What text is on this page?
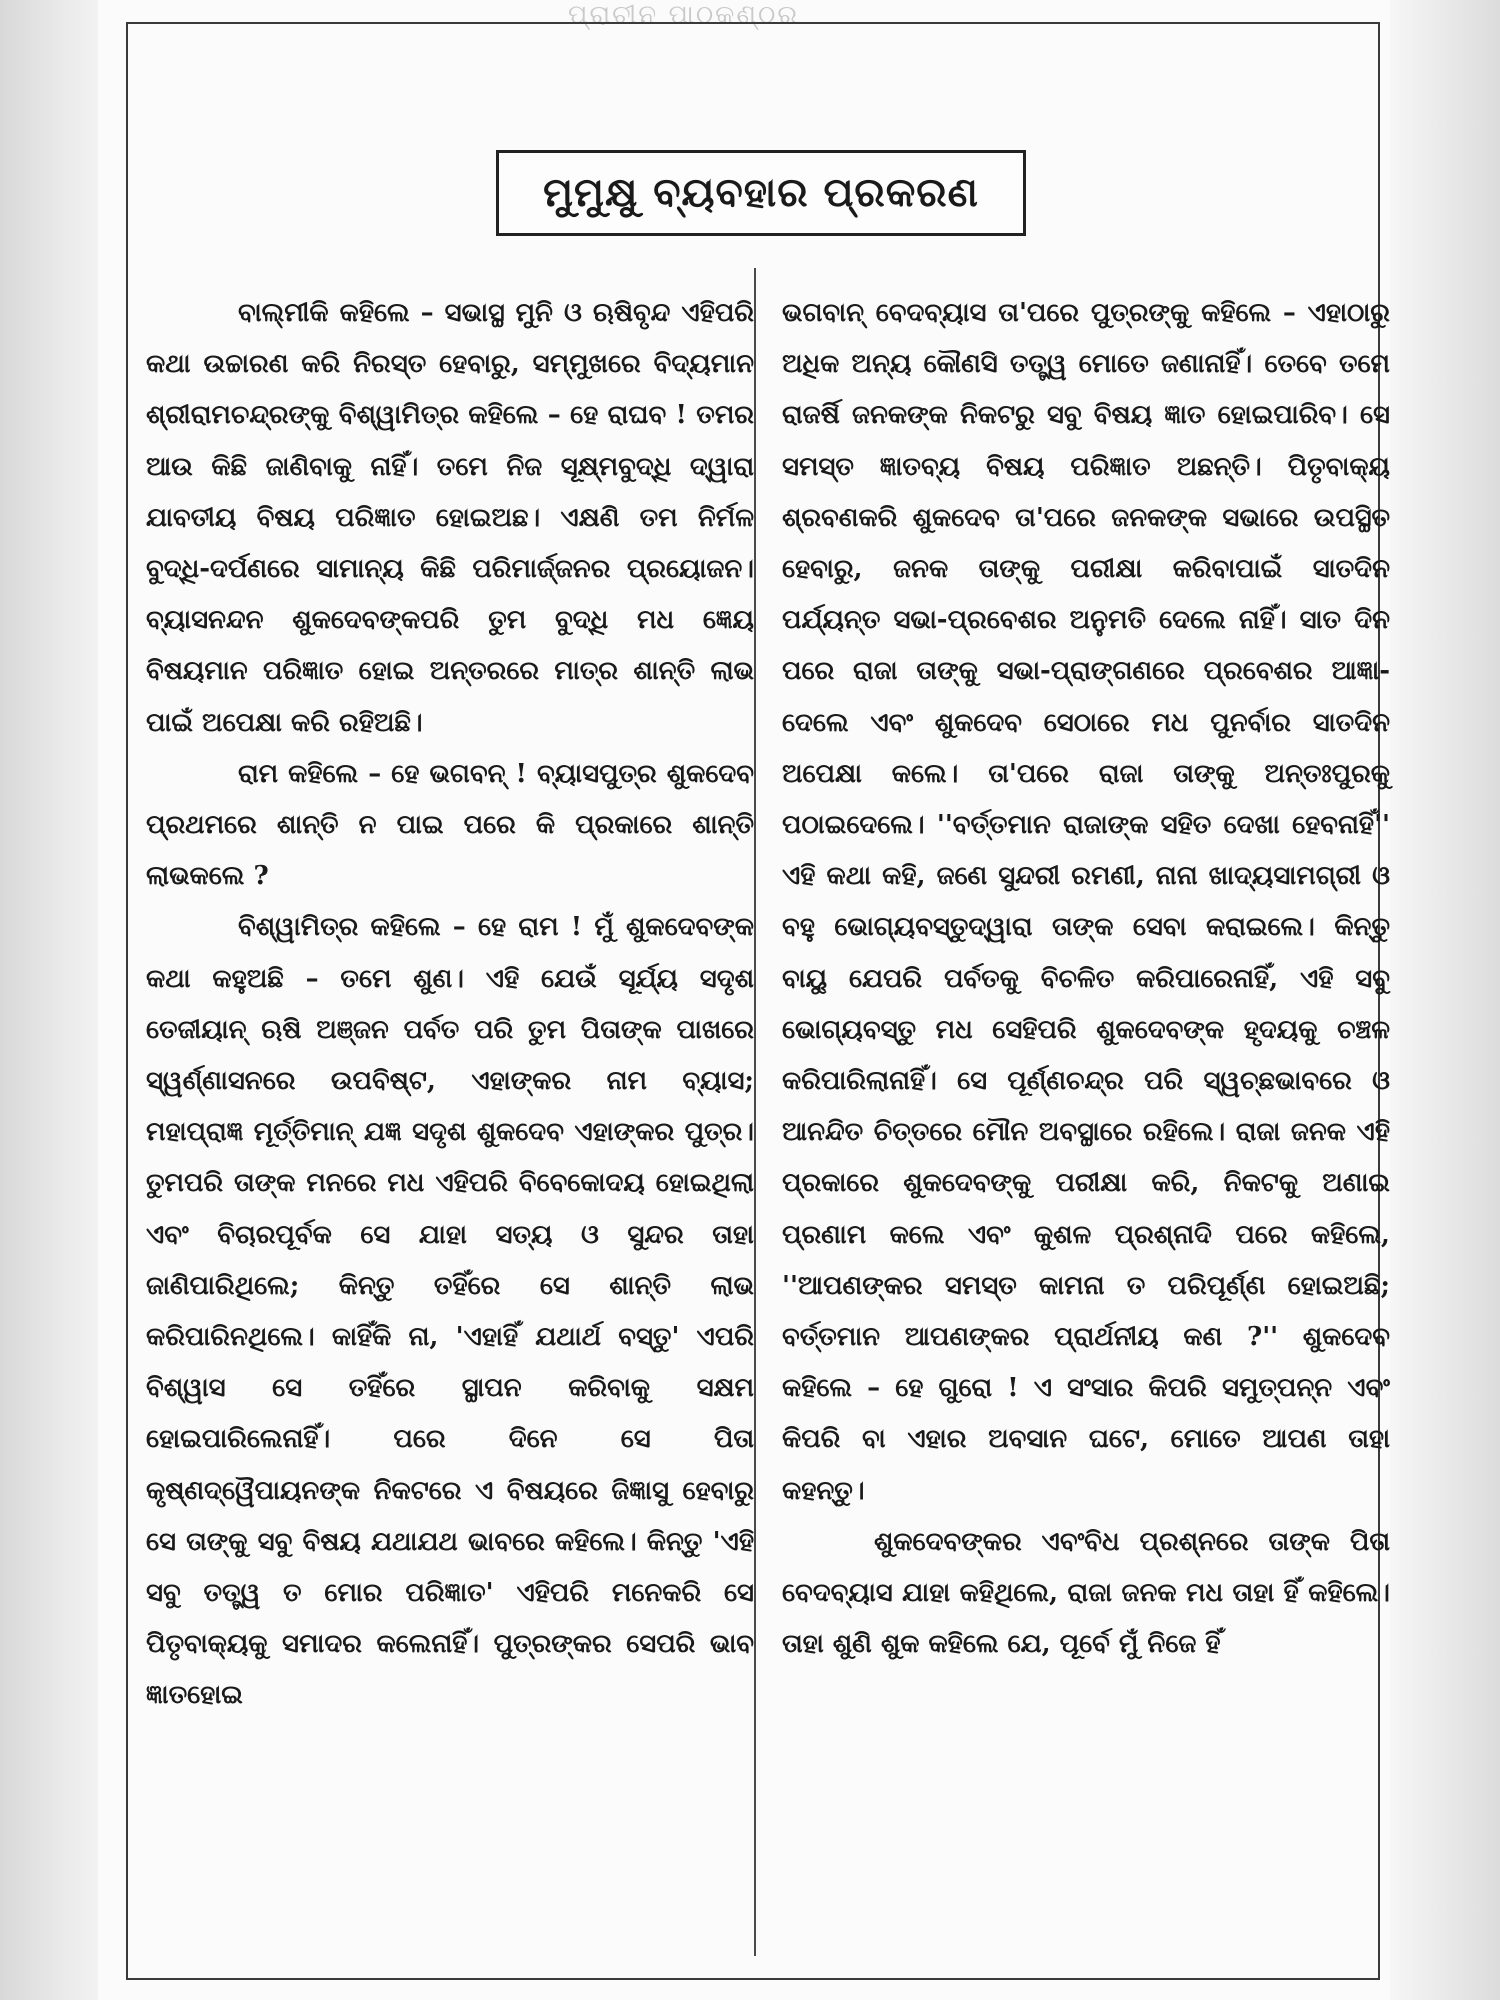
ପ୍ରାଚୀନ ପାଠକଣ୍ଠର
ମୁମୁକ୍ଷୁ ବ୍ୟବହାର ପ୍ରକରଣ

ବାଲ୍ମୀକି କହିଲେ – ସଭାସ୍ଥ ମୁନି ଓ ଋଷିବୃନ୍ଦ ଏହିପରି କଥା ଉଚ୍ଚାରଣ କରି ନିରସ୍ତ ହେବାରୁ, ସମ୍ମୁଖରେ ବିଦ୍ୟମାନ ଶ୍ରୀରାମଚନ୍ଦ୍ରଙ୍କୁ ବିଶ୍ୱାମିତ୍ର କହିଲେ – ହେ ରାଘବ ! ତମର ଆଉ କିଛି ଜାଣିବାକୁ ନାହିଁ। ତମେ ନିଜ ସୂକ୍ଷ୍ମବୁଦ୍ଧି ଦ୍ୱାରା ଯାବତୀୟ ବିଷୟ ପରିଜ୍ଞାତ ହୋଇଅଛ। ଏକ୍ଷଣି ତମ ନିର୍ମଳ ବୁଦ୍ଧି-ଦର୍ପଣରେ ସାମାନ୍ୟ କିଛି ପରିମାର୍ଜ୍ଜନର ପ୍ରୟୋଜନ। ବ୍ୟାସନନ୍ଦନ ଶୁକଦେବଙ୍କପରି ତୁମ ବୁଦ୍ଧି ମଧ ଜ୍ଞେୟ ବିଷୟମାନ ପରିଜ୍ଞାତ ହୋଇ ଅନ୍ତରରେ ମାତ୍ର ଶାନ୍ତି ଲାଭ ପାଇଁ ଅପେକ୍ଷା କରି ରହିଅଛି।

ରାମ କହିଲେ – ହେ ଭଗବନ୍ ! ବ୍ୟାସପୁତ୍ର ଶୁକଦେବ ପ୍ରଥମରେ ଶାନ୍ତି ନ ପାଇ ପରେ କି ପ୍ରକାରେ ଶାନ୍ତି ଲାଭକଲେ ?

ବିଶ୍ୱାମିତ୍ର କହିଲେ – ହେ ରାମ ! ମୁଁ ଶୁକଦେବଙ୍କ କଥା କହୁଅଛି – ତମେ ଶୁଣ। ଏହି ଯେଉଁ ସୂର୍ଯ୍ୟ ସଦୃଶ ତେଜୀୟାନ୍ ଋଷି ଅଞ୍ଜନ ପର୍ବତ ପରି ତୁମ ପିତାଙ୍କ ପାଖରେ ସ୍ୱର୍ଣ୍ଣାସନରେ ଉପବିଷ୍ଟ, ଏହାଙ୍କର ନାମ ବ୍ୟାସ; ମହାପ୍ରାଜ୍ଞ ମୂର୍ତ୍ତିମାନ୍ ଯଜ୍ଞ ସଦୃଶ ଶୁକଦେବ ଏହାଙ୍କର ପୁତ୍ର। ତୁମପରି ତାଙ୍କ ମନରେ ମଧ ଏହିପରି ବିବେକୋଦୟ ହୋଇଥିଲା ଏବଂ ବିଚାରପୂର୍ବକ ସେ ଯାହା ସତ୍ୟ ଓ ସୁନ୍ଦର ତାହା ଜାଣିପାରିଥିଲେ; କିନ୍ତୁ ତହିଁରେ ସେ ଶାନ୍ତି ଲାଭ କରିପାରିନଥିଲେ। କାହିଁକି ନା, 'ଏହାହିଁ ଯଥାର୍ଥ ବସ୍ତୁ' ଏପରି ବିଶ୍ୱାସ ସେ ତହିଁରେ ସ୍ଥାପନ କରିବାକୁ ସକ୍ଷମ ହୋଇପାରିଲେନାହିଁ। ପରେ ଦିନେ ସେ ପିତା କୃଷ୍ଣଦ୍ୱୈପାୟନଙ୍କ ନିକଟରେ ଏ ବିଷୟରେ ଜିଜ୍ଞାସୁ ହେବାରୁ ସେ ତାଙ୍କୁ ସବୁ ବିଷୟ ଯଥାଯଥ ଭାବରେ କହିଲେ। କିନ୍ତୁ 'ଏହି ସବୁ ତତ୍ତ୍ୱ ତ ମୋର ପରିଜ୍ଞାତ' ଏହିପରି ମନେକରି ସେ ପିତୃବାକ୍ୟକୁ ସମାଦର କଲେନାହିଁ। ପୁତ୍ରଙ୍କର ସେପରି ଭାବ ଜ୍ଞାତହୋଇ

ଭଗବାନ୍ ବେଦବ୍ୟାସ ତା'ପରେ ପୁତ୍ରଙ୍କୁ କହିଲେ – ଏହାଠାରୁ ଅଧିକ ଅନ୍ୟ କୌଣସି ତତ୍ତ୍ୱ ମୋତେ ଜଣାନାହିଁ। ତେବେ ତମେ ରାଜର୍ଷି ଜନକଙ୍କ ନିକଟରୁ ସବୁ ବିଷୟ ଜ୍ଞାତ ହୋଇପାରିବ। ସେ ସମସ୍ତ ଜ୍ଞାତବ୍ୟ ବିଷୟ ପରିଜ୍ଞାତ ଅଛନ୍ତି। ପିତୃବାକ୍ୟ ଶ୍ରବଣକରି ଶୁକଦେବ ତା'ପରେ ଜନକଙ୍କ ସଭାରେ ଉପସ୍ଥିତ ହେବାରୁ, ଜନକ ତାଙ୍କୁ ପରୀକ୍ଷା କରିବାପାଇଁ ସାତଦିନ ପର୍ଯ୍ୟନ୍ତ ସଭା-ପ୍ରବେଶର ଅନୁମତି ଦେଲେ ନାହିଁ। ସାତ ଦିନ ପରେ ରାଜା ତାଙ୍କୁ ସଭା-ପ୍ରାଙ୍ଗଣରେ ପ୍ରବେଶର ଆଜ୍ଞା-ଦେଲେ ଏବଂ ଶୁକଦେବ ସେଠାରେ ମଧ ପୁନର୍ବାର ସାତଦିନ ଅପେକ୍ଷା କଲେ। ତା'ପରେ ରାଜା ତାଙ୍କୁ ଅନ୍ତଃପୁରକୁ ପଠାଇଦେଲେ। ''ବର୍ତ୍ତମାନ ରାଜାଙ୍କ ସହିତ ଦେଖା ହେବନାହିଁ'' ଏହି କଥା କହି, ଜଣେ ସୁନ୍ଦରୀ ରମଣୀ, ନାନା ଖାଦ୍ୟସାମଗ୍ରୀ ଓ ବହୁ ଭୋଗ୍ୟବସ୍ତୁଦ୍ୱାରା ତାଙ୍କ ସେବା କରାଇଲେ। କିନ୍ତୁ ବାୟୁ ଯେପରି ପର୍ବତକୁ ବିଚଳିତ କରିପାରେନାହିଁ, ଏହି ସବୁ ଭୋଗ୍ୟବସ୍ତୁ ମଧ ସେହିପରି ଶୁକଦେବଙ୍କ ହୃଦୟକୁ ଚଞ୍ଚଳ କରିପାରିଲାନାହିଁ। ସେ ପୂର୍ଣ୍ଣଚନ୍ଦ୍ର ପରି ସ୍ୱଚ୍ଛଭାବରେ ଓ ଆନନ୍ଦିତ ଚିତ୍ତରେ ମୌନ ଅବସ୍ଥାରେ ରହିଲେ। ରାଜା ଜନକ ଏହି ପ୍ରକାରେ ଶୁକଦେବଙ୍କୁ ପରୀକ୍ଷା କରି, ନିକଟକୁ ଅଣାଇ ପ୍ରଣାମ କଲେ ଏବଂ କୁଶଳ ପ୍ରଶ୍ନାଦି ପରେ କହିଲେ, ''ଆପଣଙ୍କର ସମସ୍ତ କାମନା ତ ପରିପୂର୍ଣ୍ଣ ହୋଇଅଛି; ବର୍ତ୍ତମାନ ଆପଣଙ୍କର ପ୍ରାର୍ଥନୀୟ କଣ ?'' ଶୁକଦେବ କହିଲେ – ହେ ଗୁରୋ ! ଏ ସଂସାର କିପରି ସମୁତ୍ପନ୍ନ ଏବଂ କିପରି ବା ଏହାର ଅବସାନ ଘଟେ, ମୋତେ ଆପଣ ତାହା କହନ୍ତୁ।

ଶୁକଦେବଙ୍କର ଏବଂବିଧ ପ୍ରଶ୍ନରେ ତାଙ୍କ ପିତା ବେଦବ୍ୟାସ ଯାହା କହିଥିଲେ, ରାଜା ଜନକ ମଧ ତାହା ହିଁ କହିଲେ। ତାହା ଶୁଣି ଶୁକ କହିଲେ ଯେ, ପୂର୍ବେ ମୁଁ ନିଜେ ହିଁ
